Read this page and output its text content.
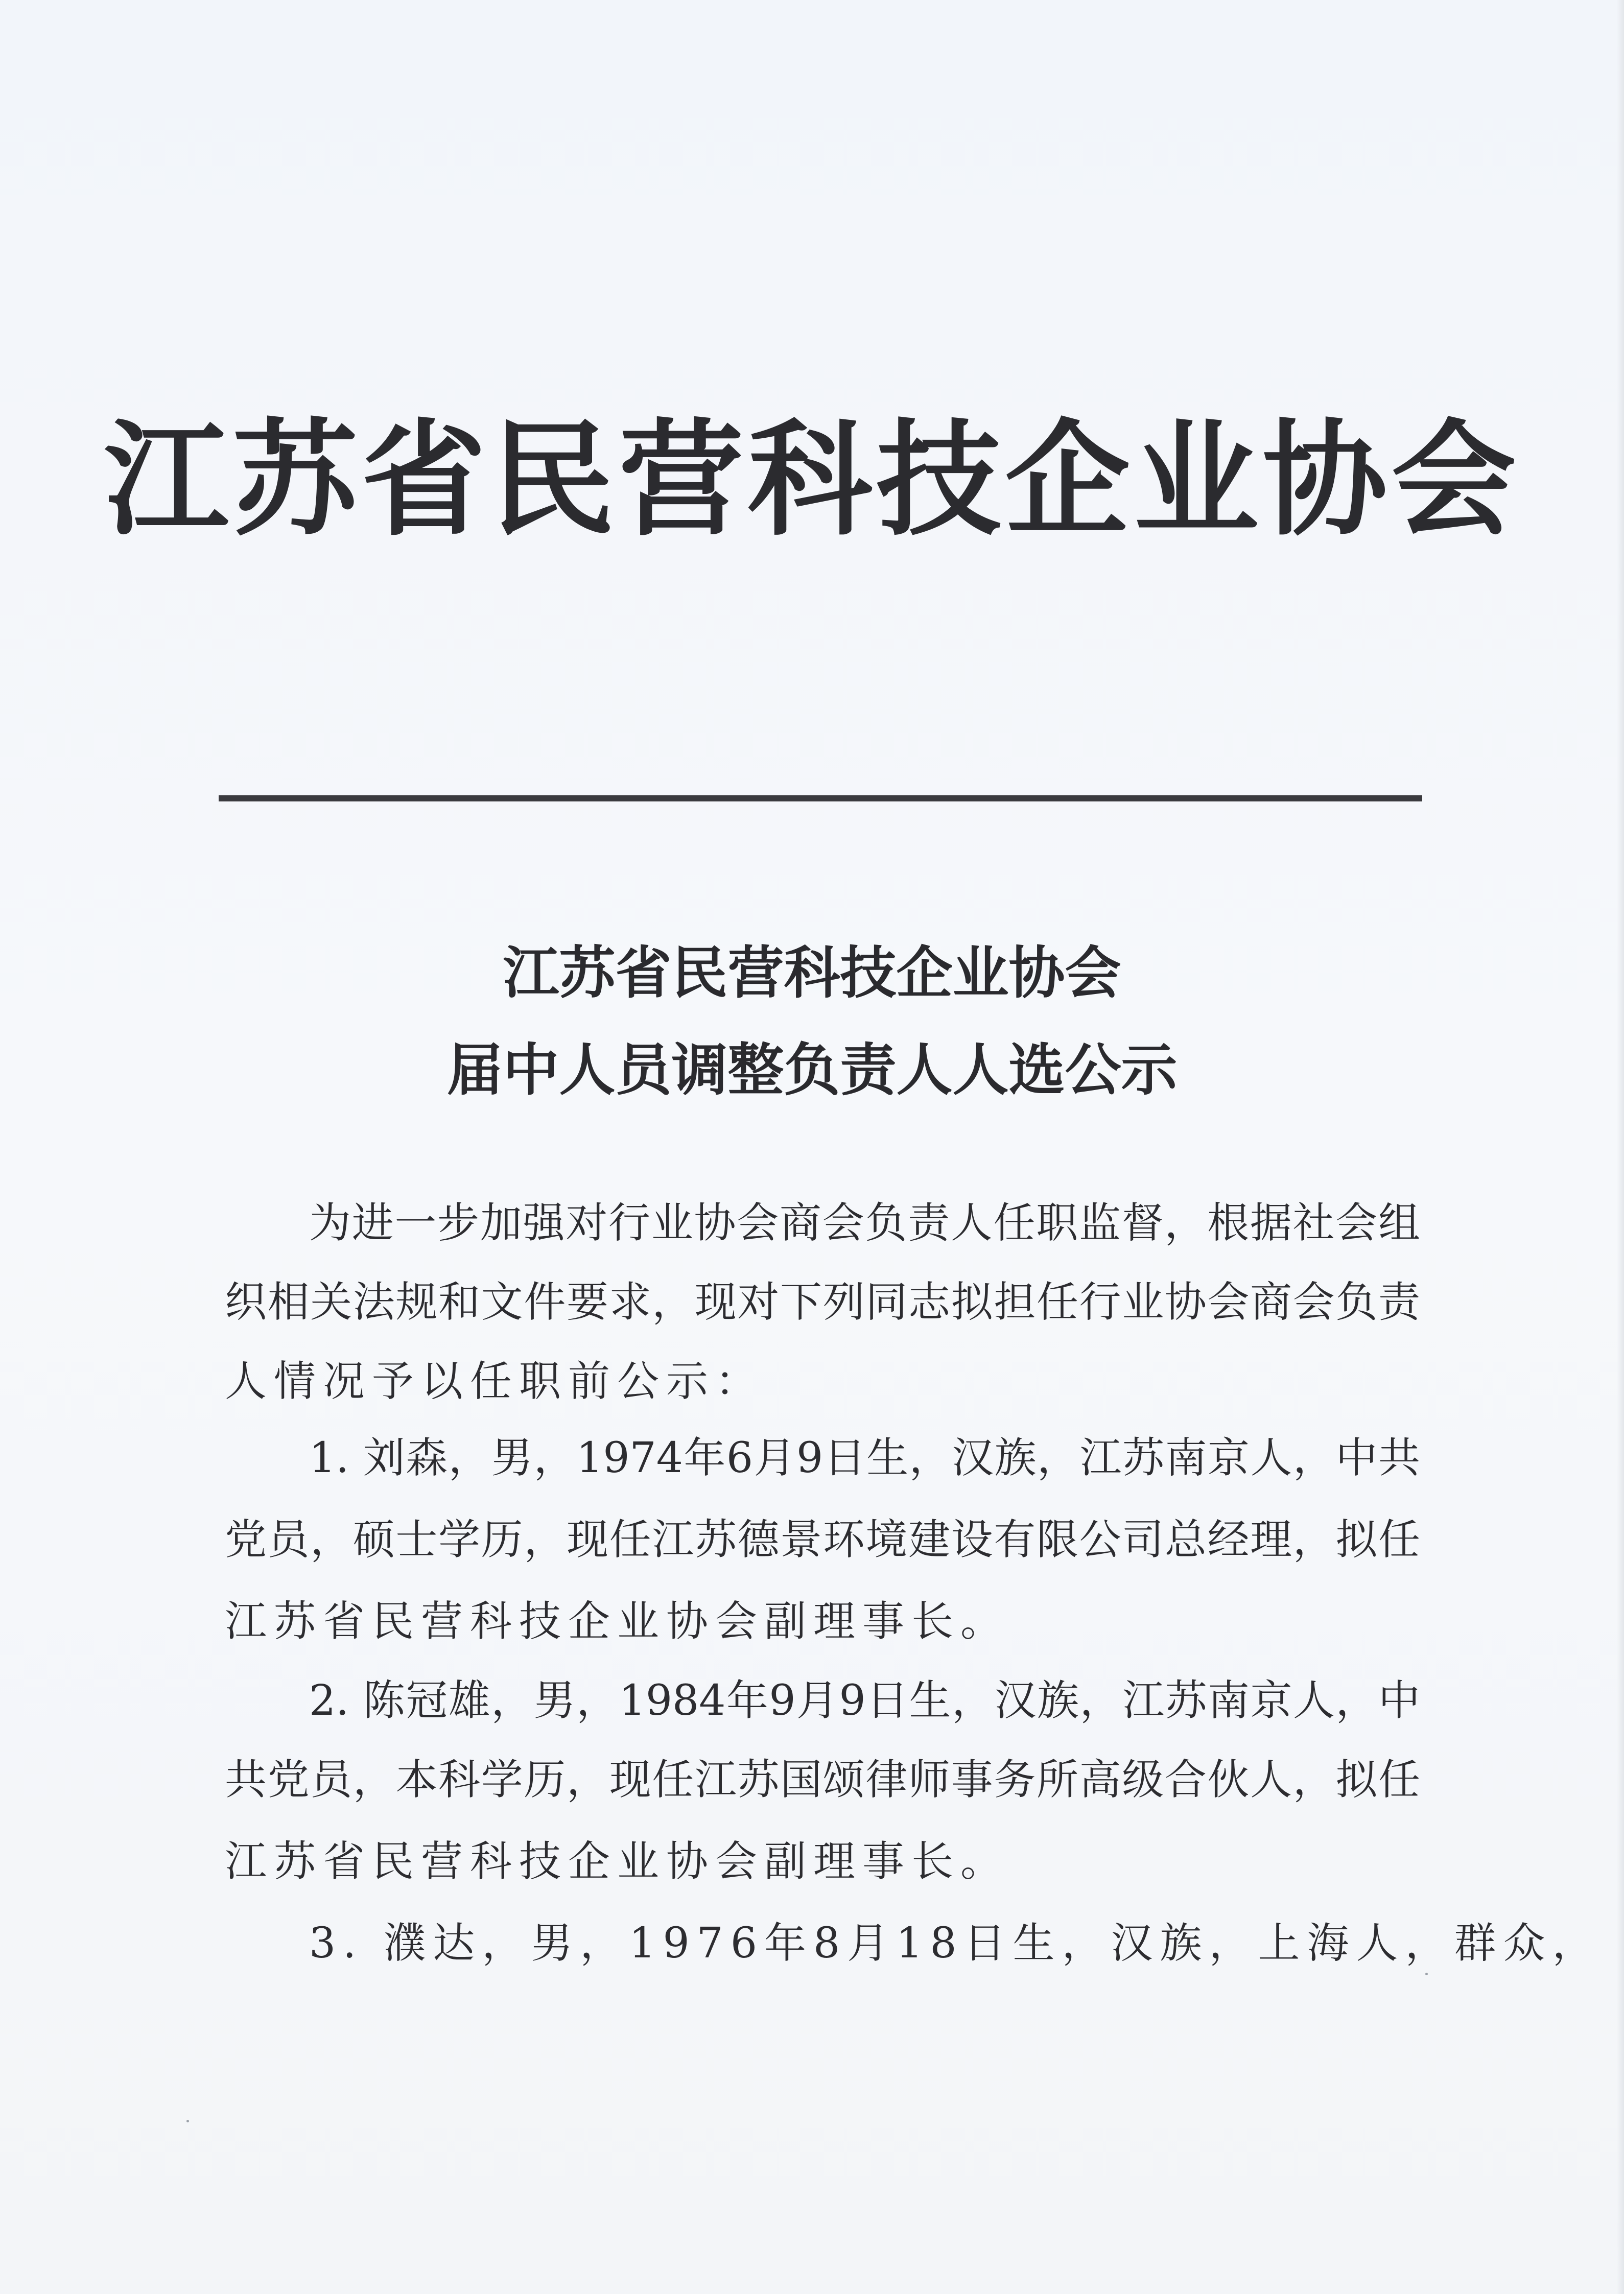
江苏省民营科技企业协会
江苏省民营科技企业协会
届中人员调整负责人人选公示
为进一步加强对行业协会商会负责人任职监督，根据社会组
织相关法规和文件要求，现对下列同志拟担任行业协会商会负责
人情况予以任职前公示：
1. 刘森，男，1974年6月9日生，汉族，江苏南京人，中共
党员，硕士学历，现任江苏德景环境建设有限公司总经理，拟任
江苏省民营科技企业协会副理事长。
2. 陈冠雄，男，1984年9月9日生，汉族，江苏南京人，中
共党员，本科学历，现任江苏国颂律师事务所高级合伙人，拟任
江苏省民营科技企业协会副理事长。
3. 濮达，男，1976年8月18日生，汉族，上海人，群众，
